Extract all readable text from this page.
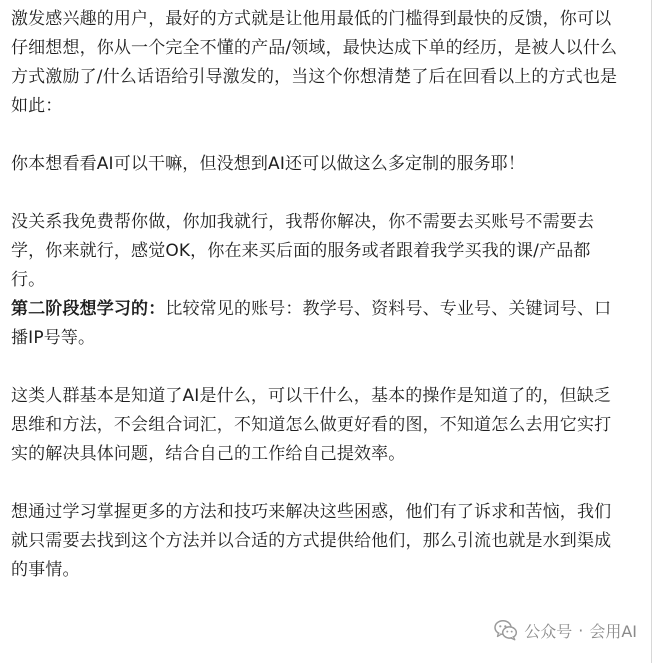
激发感兴趣的用户，最好的方式就是让他用最低的门槛得到最快的反馈，你可以仔细想想，你从一个完全不懂的产品/领域，最快达成下单的经历，是被人以什么方式激励了/什么话语给引导激发的，当这个你想清楚了后在回看以上的方式也是如此：

你本想看看AI可以干嘛，但没想到AI还可以做这么多定制的服务耶！

没关系我免费帮你做，你加我就行，我帮你解决，你不需要去买账号不需要去学，你来就行，感觉OK，你在来买后面的服务或者跟着我学买我的课/产品都行。

第二阶段想学习的：比较常见的账号：教学号、资料号、专业号、关键词号、口播IP号等。

这类人群基本是知道了AI是什么，可以干什么，基本的操作是知道了的，但缺乏思维和方法，不会组合词汇，不知道怎么做更好看的图，不知道怎么去用它实打实的解决具体问题，结合自己的工作给自己提效率。

想通过学习掌握更多的方法和技巧来解决这些困惑，他们有了诉求和苦恼，我们就只需要去找到这个方法并以合适的方式提供给他们，那么引流也就是水到渠成的事情。

公众号 · 会用AI
